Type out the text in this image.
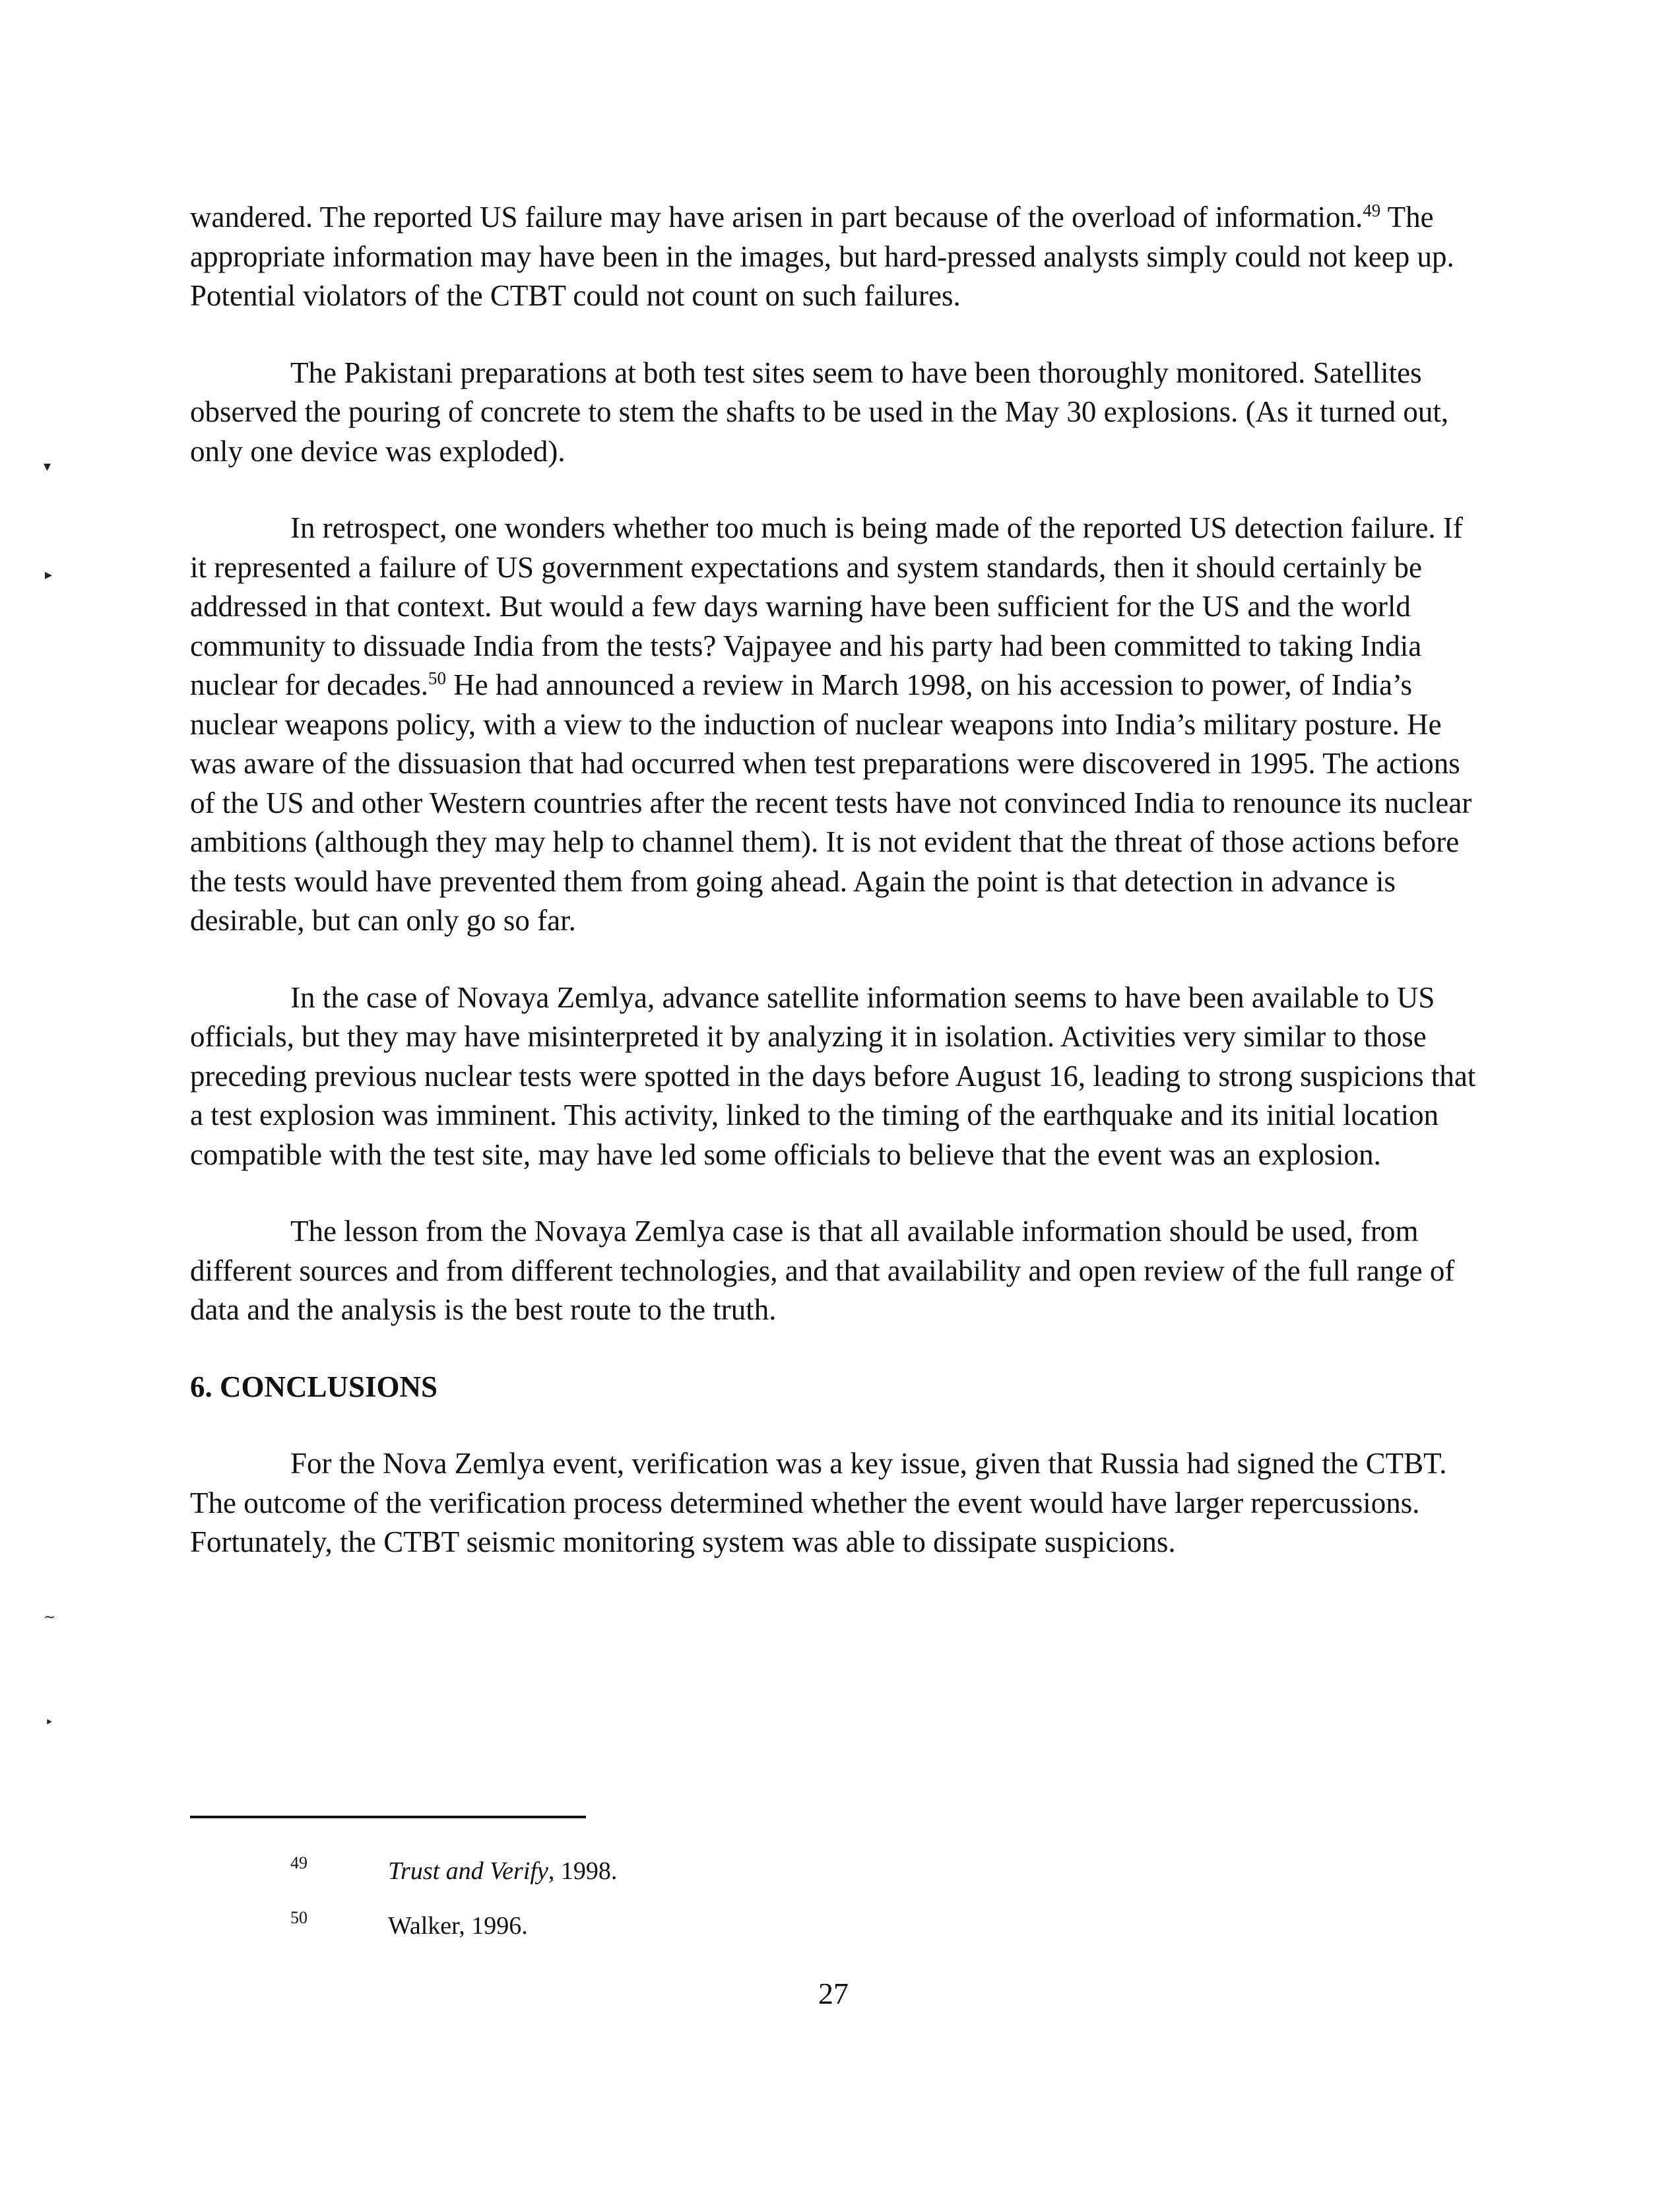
▾
▸
∼
‣

wandered. The reported US failure may have arisen in part because of the overload of information.$^{49}$ The appropriate information may have been in the images, but hard-pressed analysts simply could not keep up. Potential violators of the CTBT could not count on such failures.

The Pakistani preparations at both test sites seem to have been thoroughly monitored. Satellites observed the pouring of concrete to stem the shafts to be used in the May 30 explosions. (As it turned out, only one device was exploded).

In retrospect, one wonders whether too much is being made of the reported US detection failure. If it represented a failure of US government expectations and system standards, then it should certainly be addressed in that context. But would a few days warning have been sufficient for the US and the world community to dissuade India from the tests? Vajpayee and his party had been committed to taking India nuclear for decades.$^{50}$ He had announced a review in March 1998, on his accession to power, of India’s nuclear weapons policy, with a view to the induction of nuclear weapons into India’s military posture. He was aware of the dissuasion that had occurred when test preparations were discovered in 1995. The actions of the US and other Western countries after the recent tests have not convinced India to renounce its nuclear ambitions (although they may help to channel them). It is not evident that the threat of those actions before the tests would have prevented them from going ahead. Again the point is that detection in advance is desirable, but can only go so far.

In the case of Novaya Zemlya, advance satellite information seems to have been available to US officials, but they may have misinterpreted it by analyzing it in isolation. Activities very similar to those preceding previous nuclear tests were spotted in the days before August 16, leading to strong suspicions that a test explosion was imminent. This activity, linked to the timing of the earthquake and its initial location compatible with the test site, may have led some officials to believe that the event was an explosion.

The lesson from the Novaya Zemlya case is that all available information should be used, from different sources and from different technologies, and that availability and open review of the full range of data and the analysis is the best route to the truth.

6. CONCLUSIONS

For the Nova Zemlya event, verification was a key issue, given that Russia had signed the CTBT. The outcome of the verification process determined whether the event would have larger repercussions. Fortunately, the CTBT seismic monitoring system was able to dissipate suspicions.

49	Trust and Verify, 1998.
50	Walker, 1996.
27
